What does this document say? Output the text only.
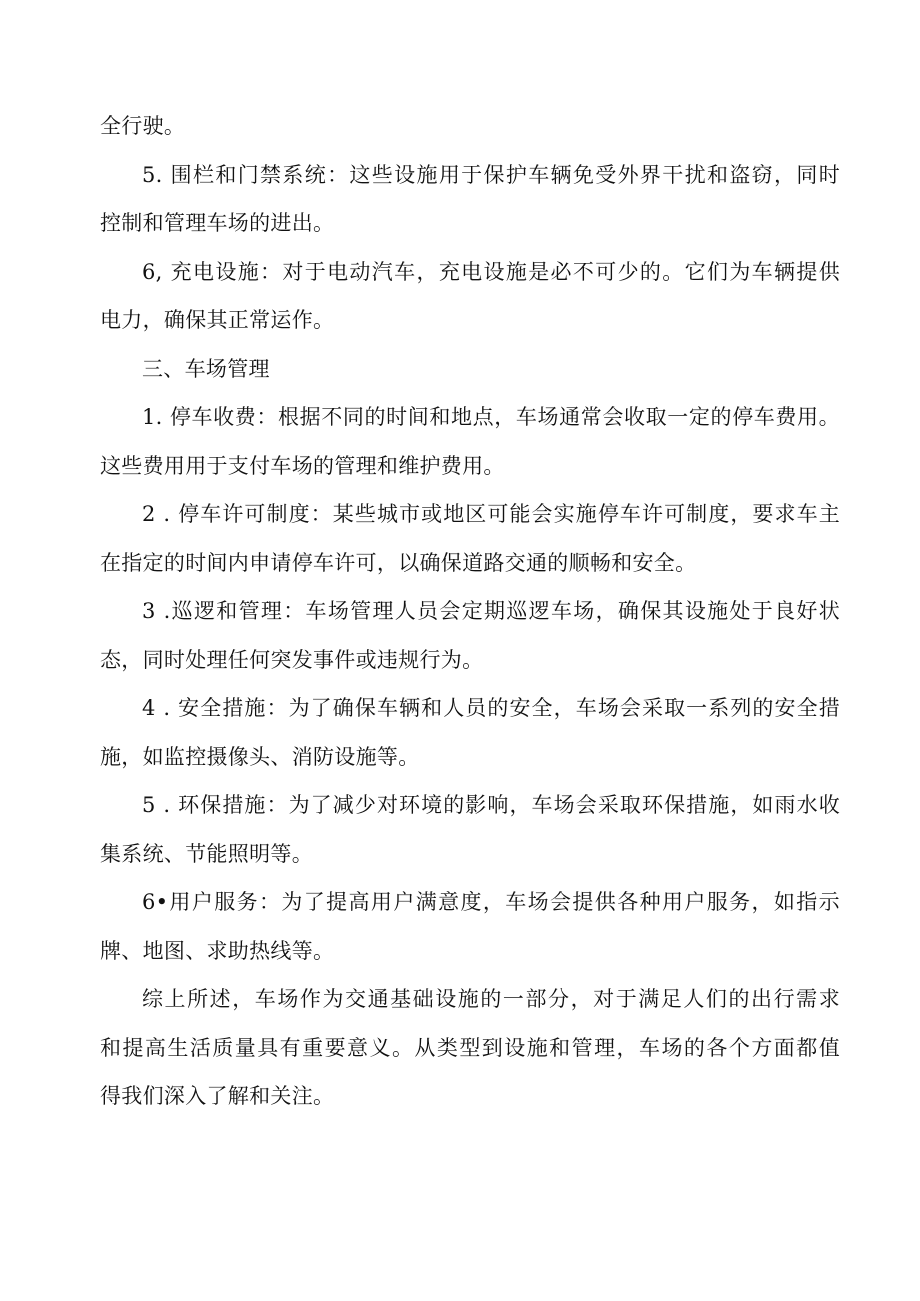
全行驶。
5. 围栏和门禁系统：这些设施用于保护车辆免受外界干扰和盗窃，同时
控制和管理车场的进出。
6, 充电设施：对于电动汽车，充电设施是必不可少的。它们为车辆提供
电力，确保其正常运作。
三、车场管理
1. 停车收费：根据不同的时间和地点，车场通常会收取一定的停车费用。
这些费用用于支付车场的管理和维护费用。
2 . 停车许可制度：某些城市或地区可能会实施停车许可制度，要求车主
在指定的时间内申请停车许可，以确保道路交通的顺畅和安全。
3 .巡逻和管理：车场管理人员会定期巡逻车场，确保其设施处于良好状
态，同时处理任何突发事件或违规行为。
4 . 安全措施：为了确保车辆和人员的安全，车场会采取一系列的安全措
施，如监控摄像头、消防设施等。
5 . 环保措施：为了减少对环境的影响，车场会采取环保措施，如雨水收
集系统、节能照明等。
6•用户服务：为了提高用户满意度，车场会提供各种用户服务，如指示
牌、地图、求助热线等。
综上所述，车场作为交通基础设施的一部分，对于满足人们的出行需求
和提高生活质量具有重要意义。从类型到设施和管理，车场的各个方面都值
得我们深入了解和关注。
